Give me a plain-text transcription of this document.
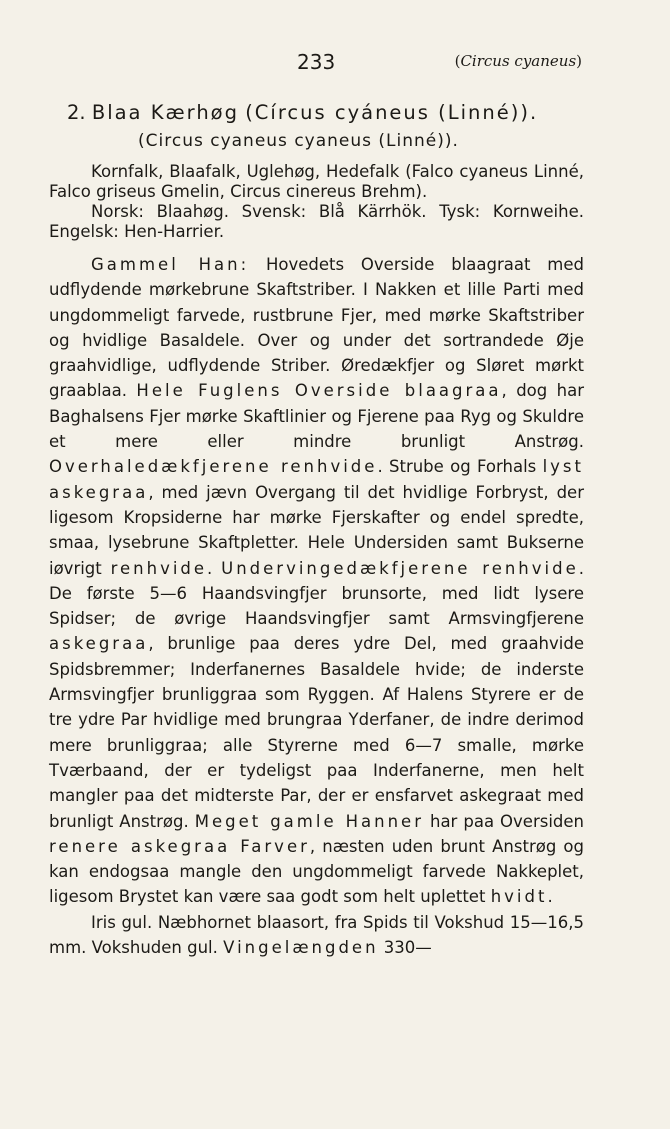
233	(Circus cyaneus)
2. Blaa Kærhøg (Círcus cyáneus (Linné)).
(Circus cyaneus cyaneus (Linné)).

Kornfalk, Blaafalk, Uglehøg, Hedefalk (Falco cyaneus Linné, Falco griseus Gmelin, Circus cinereus Brehm).

Norsk: Blaahøg. Svensk: Blå Kärrhök. Tysk: Kornweihe. Engelsk: Hen-Harrier.

Gammel Han: Hovedets Overside blaagraat med udflydende mørkebrune Skaftstriber. I Nakken et lille Parti med ungdommeligt farvede, rustbrune Fjer, med mørke Skaftstriber og hvidlige Basaldele. Over og under det sortrandede Øje graahvidlige, udflydende Striber. Øredækfjer og Sløret mørkt graablaa. Hele Fuglens Overside blaagraa, dog har Baghalsens Fjer mørke Skaftlinier og Fjerene paa Ryg og Skuldre et mere eller mindre brunligt Anstrøg. Overhaledækfjerene renhvide. Strube og Forhals lyst askegraa, med jævn Overgang til det hvidlige Forbryst, der ligesom Kropsiderne har mørke Fjerskafter og endel spredte, smaa, lysebrune Skaftpletter. Hele Undersiden samt Bukserne iøvrigt renhvide. Undervingedækfjerene renhvide. De første 5—6 Haandsvingfjer brunsorte, med lidt lysere Spidser; de øvrige Haandsvingfjer samt Armsvingfjerene askegraa, brunlige paa deres ydre Del, med graahvide Spidsbremmer; Inderfanernes Basaldele hvide; de inderste Armsvingfjer brunliggraa som Ryggen. Af Halens Styrere er de tre ydre Par hvidlige med brungraa Yderfaner, de indre derimod mere brunliggraa; alle Styrerne med 6—7 smalle, mørke Tværbaand, der er tydeligst paa Inderfanerne, men helt mangler paa det midterste Par, der er ensfarvet askegraat med brunligt Anstrøg. Meget gamle Hanner har paa Oversiden renere askegraa Farver, næsten uden brunt Anstrøg og kan endogsaa mangle den ungdommeligt farvede Nakkeplet, ligesom Brystet kan være saa godt som helt uplettet hvidt.

Iris gul. Næbhornet blaasort, fra Spids til Vokshud 15—16,5 mm. Vokshuden gul. Vingelængden 330—
